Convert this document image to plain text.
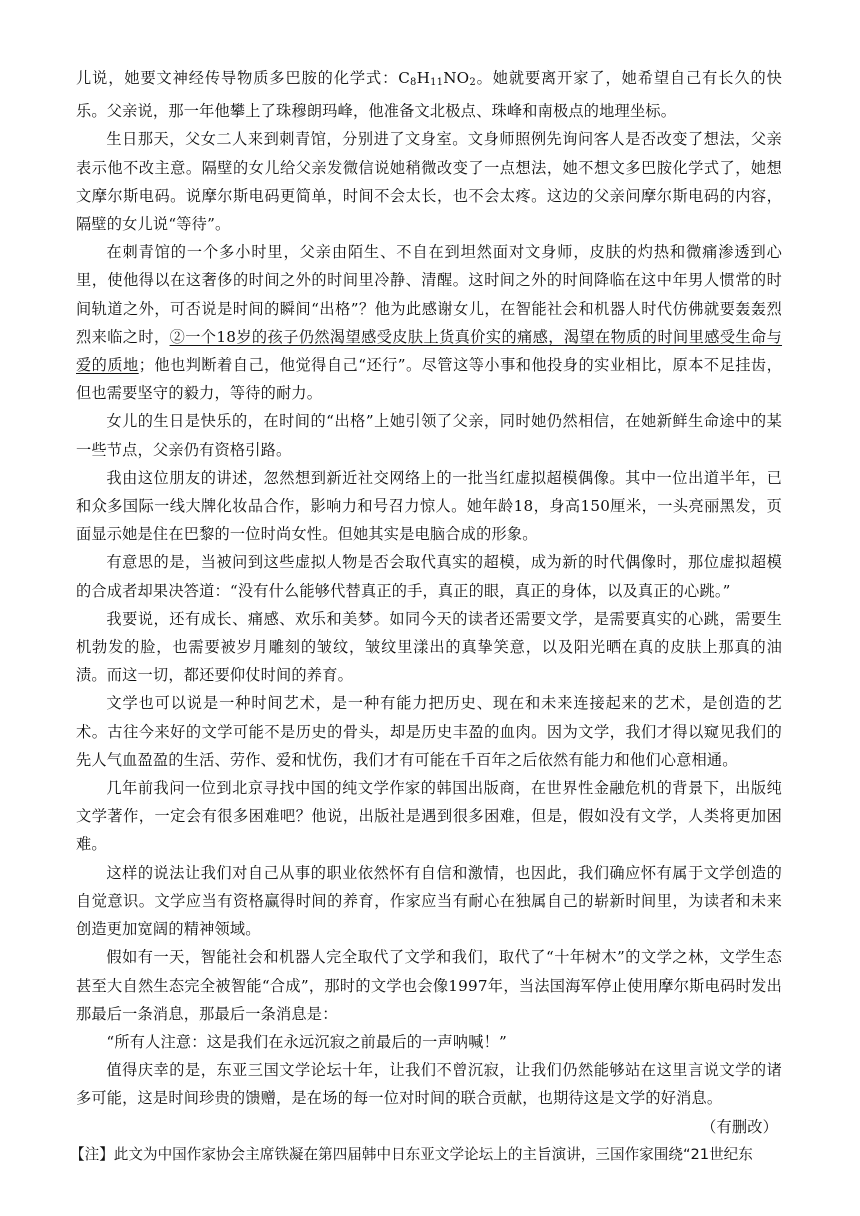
儿说，她要文神经传导物质多巴胺的化学式：$C_8H_{11}NO_2$。她就要离开家了，她希望自己有长久的快乐。父亲说，那一年他攀上了珠穆朗玛峰，他准备文北极点、珠峰和南极点的地理坐标。

生日那天，父女二人来到刺青馆，分别进了文身室。文身师照例先询问客人是否改变了想法，父亲表示他不改主意。隔壁的女儿给父亲发微信说她稍微改变了一点想法，她不想文多巴胺化学式了，她想文摩尔斯电码。说摩尔斯电码更简单，时间不会太长，也不会太疼。这边的父亲问摩尔斯电码的内容，隔壁的女儿说“等待”。

在刺青馆的一个多小时里，父亲由陌生、不自在到坦然面对文身师，皮肤的灼热和微痛渗透到心里，使他得以在这奢侈的时间之外的时间里冷静、清醒。这时间之外的时间降临在这中年男人惯常的时间轨道之外，可否说是时间的瞬间“出格”？他为此感谢女儿，在智能社会和机器人时代仿佛就要轰轰烈烈来临之时，②一个18岁的孩子仍然渴望感受皮肤上货真价实的痛感，渴望在物质的时间里感受生命与爱的质地；他也判断着自己，他觉得自己“还行”。尽管这等小事和他投身的实业相比，原本不足挂齿，但也需要坚守的毅力，等待的耐力。

女儿的生日是快乐的，在时间的“出格”上她引领了父亲，同时她仍然相信，在她新鲜生命途中的某一些节点，父亲仍有资格引路。

我由这位朋友的讲述，忽然想到新近社交网络上的一批当红虚拟超模偶像。其中一位出道半年，已和众多国际一线大牌化妆品合作，影响力和号召力惊人。她年龄18，身高150厘米，一头亮丽黑发，页面显示她是住在巴黎的一位时尚女性。但她其实是电脑合成的形象。

有意思的是，当被问到这些虚拟人物是否会取代真实的超模，成为新的时代偶像时，那位虚拟超模的合成者却果决答道：“没有什么能够代替真正的手，真正的眼，真正的身体，以及真正的心跳。”

我要说，还有成长、痛感、欢乐和美梦。如同今天的读者还需要文学，是需要真实的心跳，需要生机勃发的脸，也需要被岁月雕刻的皱纹，皱纹里漾出的真挚笑意，以及阳光晒在真的皮肤上那真的油渍。而这一切，都还要仰仗时间的养育。

文学也可以说是一种时间艺术，是一种有能力把历史、现在和未来连接起来的艺术，是创造的艺术。古往今来好的文学可能不是历史的骨头，却是历史丰盈的血肉。因为文学，我们才得以窥见我们的先人气血盈盈的生活、劳作、爱和忧伤，我们才有可能在千百年之后依然有能力和他们心意相通。

几年前我问一位到北京寻找中国的纯文学作家的韩国出版商，在世界性金融危机的背景下，出版纯文学著作，一定会有很多困难吧？他说，出版社是遇到很多困难，但是，假如没有文学，人类将更加困难。

这样的说法让我们对自己从事的职业依然怀有自信和激情，也因此，我们确应怀有属于文学创造的自觉意识。文学应当有资格赢得时间的养育，作家应当有耐心在独属自己的崭新时间里，为读者和未来创造更加宽阔的精神领域。

假如有一天，智能社会和机器人完全取代了文学和我们，取代了“十年树木”的文学之林，文学生态甚至大自然生态完全被智能“合成”，那时的文学也会像1997年，当法国海军停止使用摩尔斯电码时发出那最后一条消息，那最后一条消息是：

“所有人注意：这是我们在永远沉寂之前最后的一声呐喊！”

值得庆幸的是，东亚三国文学论坛十年，让我们不曾沉寂，让我们仍然能够站在这里言说文学的诸多可能，这是时间珍贵的馈赠，是在场的每一位对时间的联合贡献，也期待这是文学的好消息。

（有删改）

【注】此文为中国作家协会主席铁凝在第四届韩中日东亚文学论坛上的主旨演讲，三国作家围绕“21世纪东
